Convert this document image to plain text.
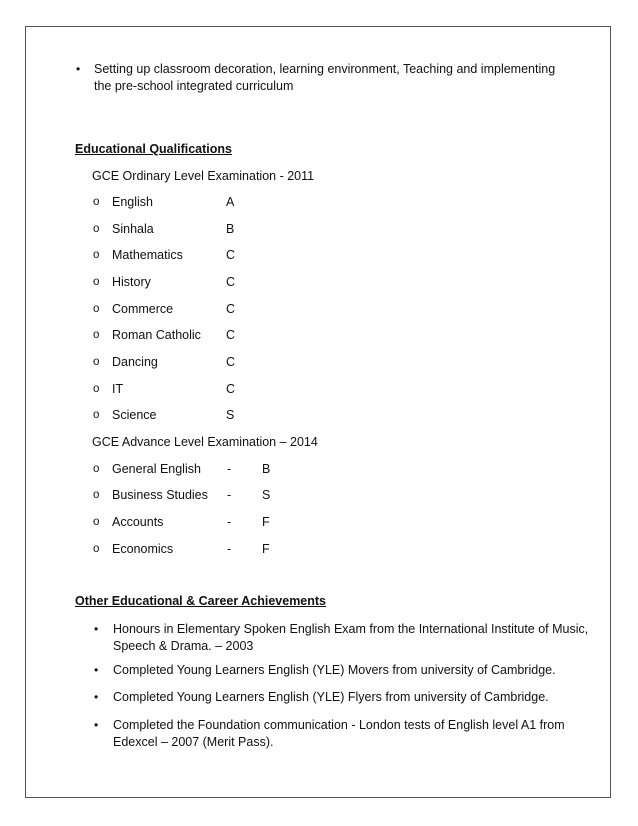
• Setting up classroom decoration, learning environment, Teaching and implementing
the pre-school integrated curriculum
Educational Qualifications
GCE Ordinary Level Examination - 2011
o English	A
o Sinhala	B
o Mathematics	C
o History	C
o Commerce	C
o Roman Catholic C
o Dancing	C
o IT	C
o Science	S
GCE Advance Level Examination – 2014
o General English - B
o Business Studies - S
o Accounts	- F
o Economics	- F
Other Educational & Career Achievements
• Honours in Elementary Spoken English Exam from the International Institute of Music,
Speech & Drama. – 2003
• Completed Young Learners English (YLE) Movers from university of Cambridge.
• Completed Young Learners English (YLE) Flyers from university of Cambridge.
• Completed the Foundation communication - London tests of English level A1 from
Edexcel – 2007 (Merit Pass).
